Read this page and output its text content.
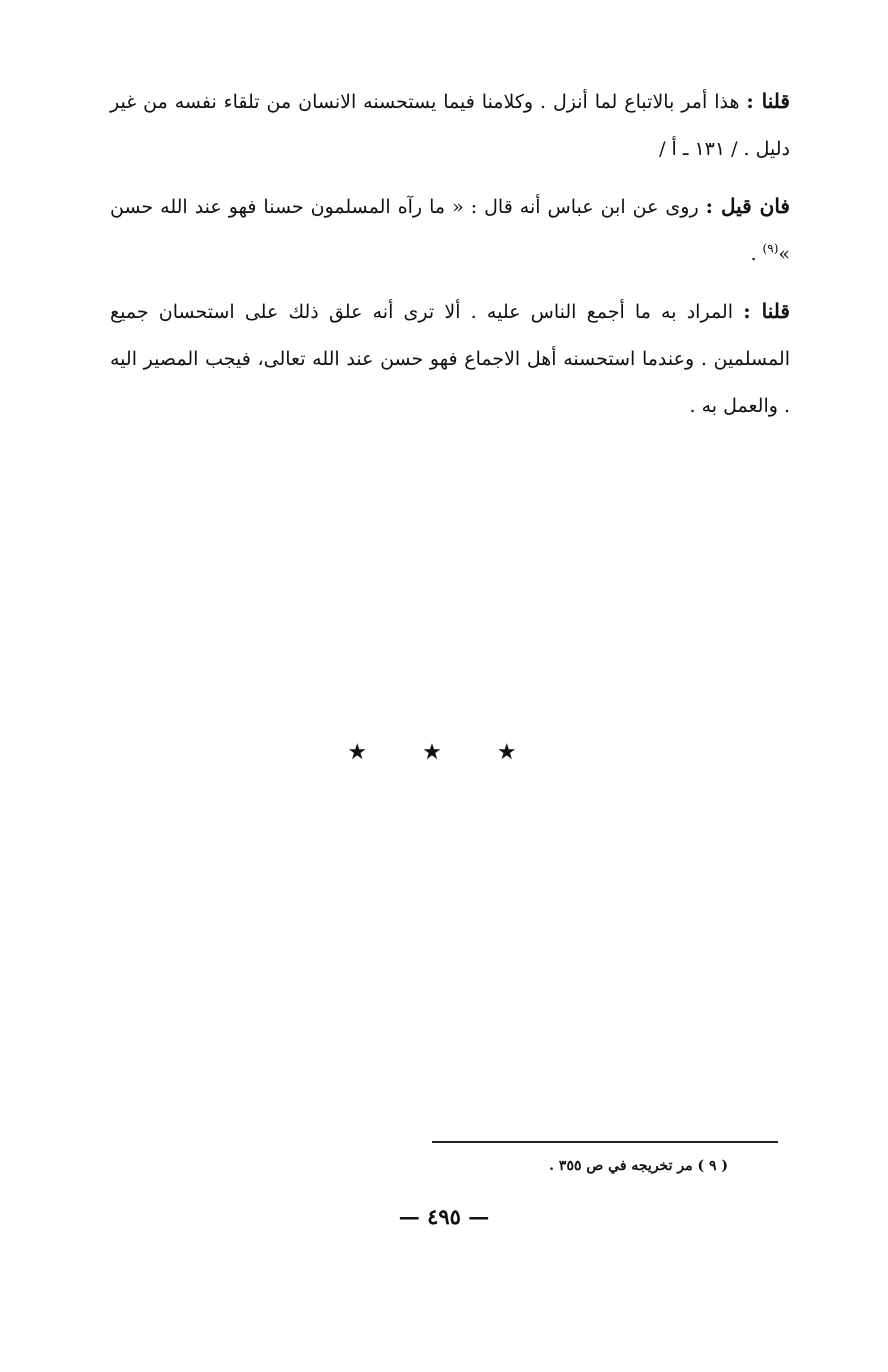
قلنا : هذا أمر بالاتباع لما أنزل . وكلامنا فيما يستحسنه الانسان من تلقاء نفسه من غير دليل . / ١٣١ ـ أ /

فان قيل : روى عن ابن عباس أنه قال : « ما رآه المسلمون حسنا فهو عند الله حسن »$^{(٩)}$ .

قلنا : المراد به ما أجمع الناس عليه . ألا ترى أنه علق ذلك على استحسان جميع المسلمين . وعندما استحسنه أهل الاجماع فهو حسن عند الله تعالى، فيجب المصير اليه . والعمل به .

★ ★ ★
( ٩ ) مر تخريجه في ص ٣٥٥ .
— ٤٩٥ —
